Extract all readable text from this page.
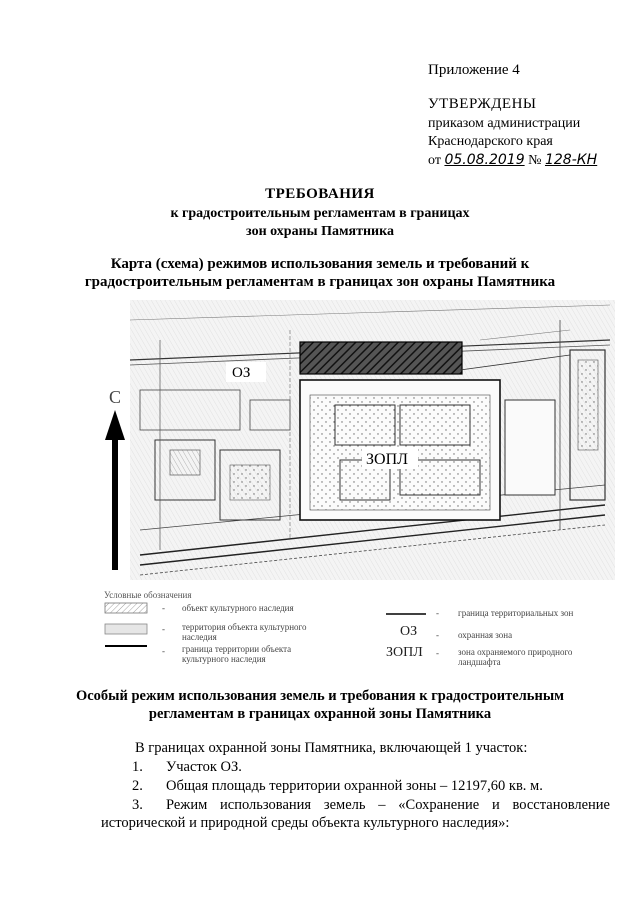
Приложение 4
УТВЕРЖДЕНЫ
приказом администрации
Краснодарского края
от 05.08.2019 № 128-КН
ТРЕБОВАНИЯ
к градостроительным регламентам в границах
зон охраны Памятника
Карта (схема) режимов использования земель и требований к
градостроительным регламентам в границах зон охраны Памятника
С
ОЗ
ЗОПЛ
Условные обозначения
- объект культурного наследия
- территория объекта культурного
наследия
- граница территории объекта
культурного наследия
- граница территориальных зон
ОЗ - охранная зона
ЗОПЛ - зона охраняемого природного
ландшафта
Особый режим использования земель и требования к градостроительным
регламентам в границах охранной зоны Памятника
В границах охранной зоны Памятника, включающей 1 участок:
1. Участок ОЗ.
2. Общая площадь территории охранной зоны – 12197,60 кв. м.
3. Режим использования земель – «Сохранение и восстановление
исторической и природной среды объекта культурного наследия»:
